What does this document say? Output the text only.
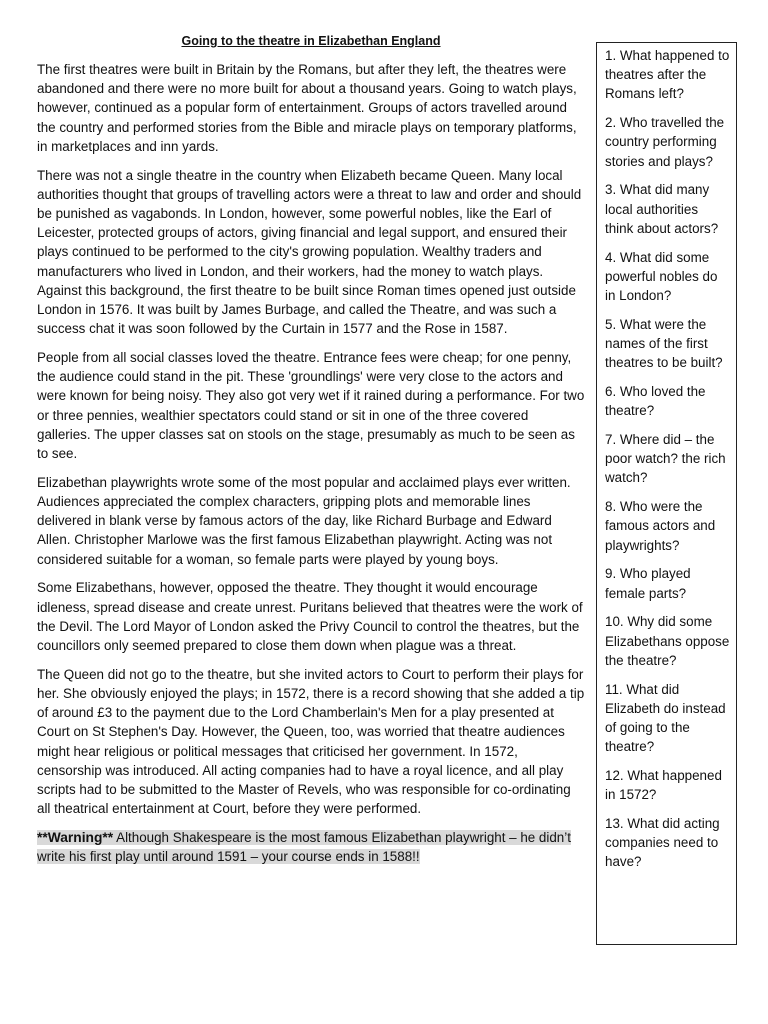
Going to the theatre in Elizabethan England

The first theatres were built in Britain by the Romans, but after they left, the theatres were abandoned and there were no more built for about a thousand years. Going to watch plays, however, continued as a popular form of entertainment. Groups of actors travelled around the country and performed stories from the Bible and miracle plays on temporary platforms, in marketplaces and inn yards.

There was not a single theatre in the country when Elizabeth became Queen. Many local authorities thought that groups of travelling actors were a threat to law and order and should be punished as vagabonds. In London, however, some powerful nobles, like the Earl of Leicester, protected groups of actors, giving financial and legal support, and ensured their plays continued to be performed to the city's growing population. Wealthy traders and manufacturers who lived in London, and their workers, had the money to watch plays. Against this background, the first theatre to be built since Roman times opened just outside London in 1576. It was built by James Burbage, and called the Theatre, and was such a success chat it was soon followed by the Curtain in 1577 and the Rose in 1587.

People from all social classes loved the theatre. Entrance fees were cheap; for one penny, the audience could stand in the pit. These 'groundlings' were very close to the actors and were known for being noisy. They also got very wet if it rained during a performance. For two or three pennies, wealthier spectators could stand or sit in one of the three covered galleries. The upper classes sat on stools on the stage, presumably as much to be seen as to see.

Elizabethan playwrights wrote some of the most popular and acclaimed plays ever written. Audiences appreciated the complex characters, gripping plots and memorable lines delivered in blank verse by famous actors of the day, like Richard Burbage and Edward Allen. Christopher Marlowe was the first famous Elizabethan playwright. Acting was not considered suitable for a woman, so female parts were played by young boys.

Some Elizabethans, however, opposed the theatre. They thought it would encourage idleness, spread disease and create unrest. Puritans believed that theatres were the work of the Devil. The Lord Mayor of London asked the Privy Council to control the theatres, but the councillors only seemed prepared to close them down when plague was a threat.

The Queen did not go to the theatre, but she invited actors to Court to perform their plays for her. She obviously enjoyed the plays; in 1572, there is a record showing that she added a tip of around £3 to the payment due to the Lord Chamberlain's Men for a play presented at Court on St Stephen's Day. However, the Queen, too, was worried that theatre audiences might hear religious or political messages that criticised her government. In 1572, censorship was introduced. All acting companies had to have a royal licence, and all play scripts had to be submitted to the Master of Revels, who was responsible for co-ordinating all theatrical entertainment at Court, before they were performed.

**Warning** Although Shakespeare is the most famous Elizabethan playwright – he didn’t write his first play until around 1591 – your course ends in 1588!!

1. What happened to theatres after the Romans left?

2. Who travelled the country performing stories and plays?

3. What did many local authorities think about actors?

4. What did some powerful nobles do in London?

5. What were the names of the first theatres to be built?

6. Who loved the theatre?

7. Where did – the poor watch? the rich watch?

8. Who were the famous actors and playwrights?

9. Who played female parts?

10. Why did some Elizabethans oppose the theatre?

11. What did Elizabeth do instead of going to the theatre?

12. What happened in 1572?

13. What did acting companies need to have?
